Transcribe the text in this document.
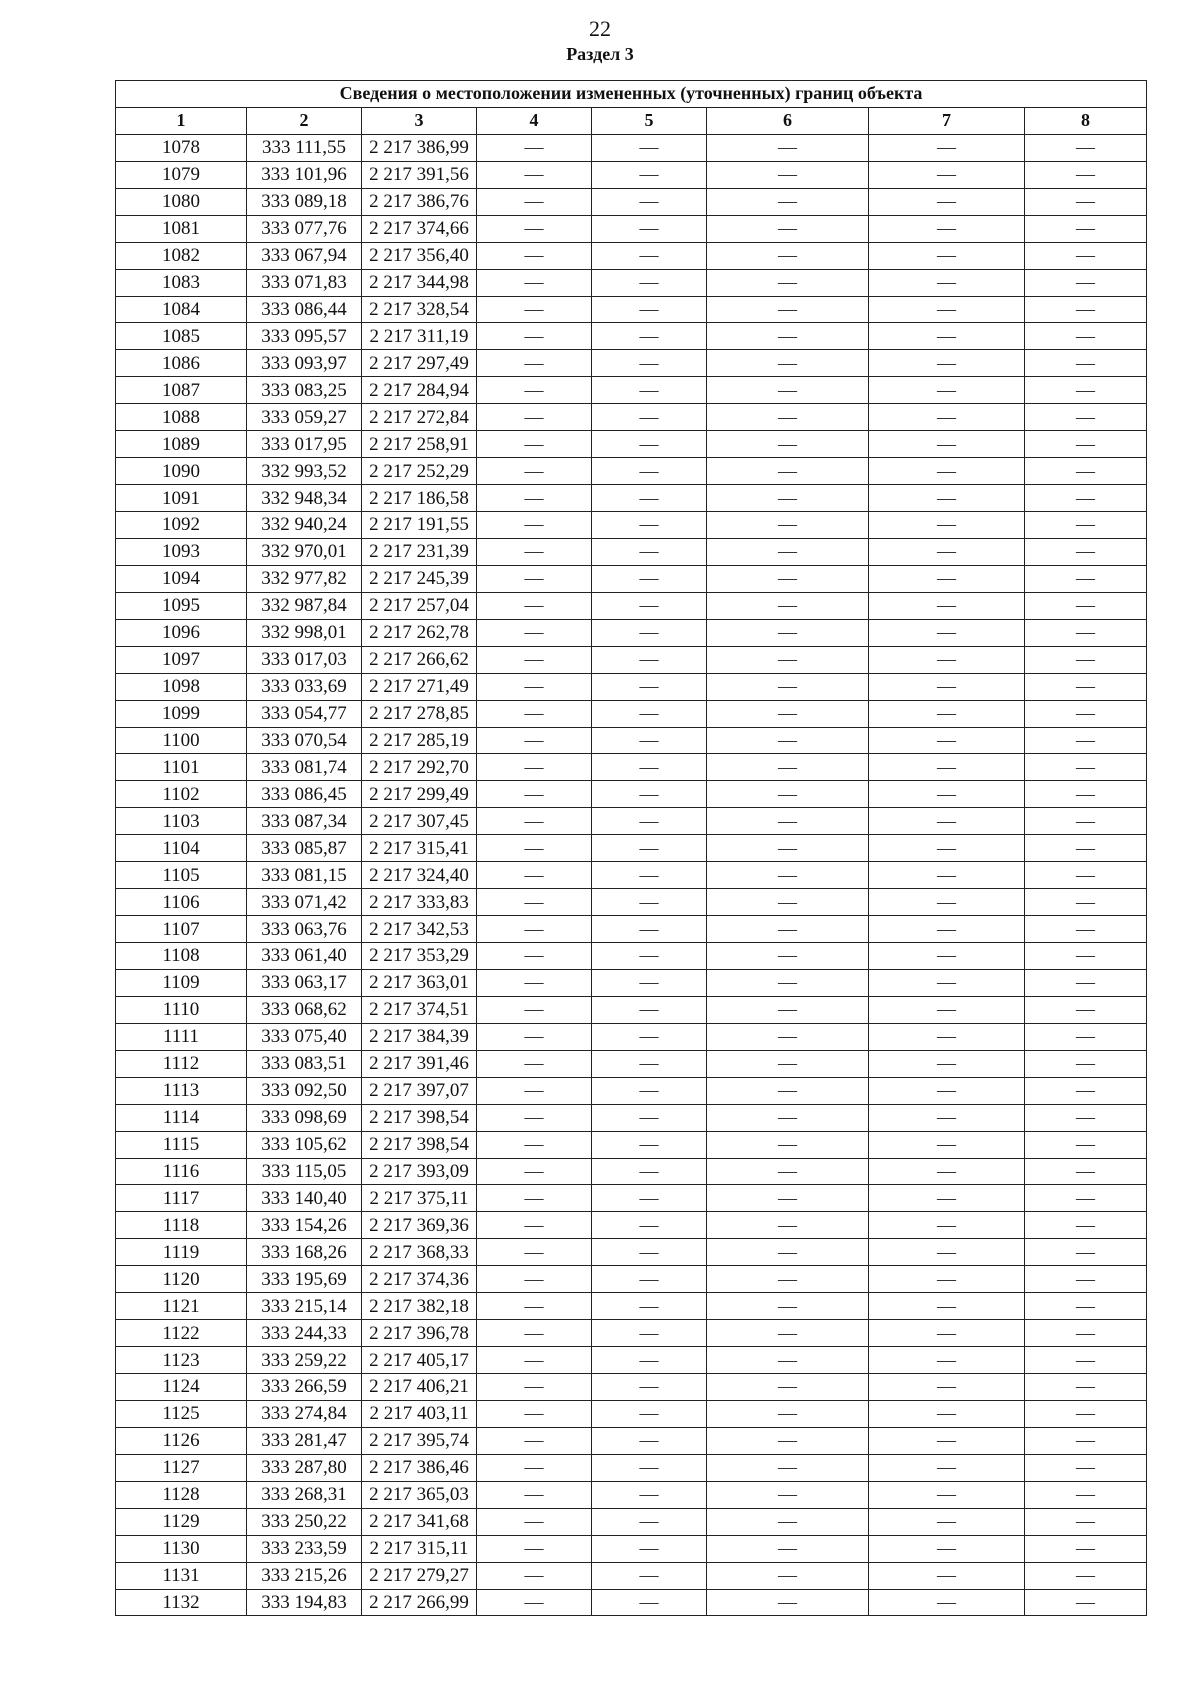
22
Раздел 3
Сведения о местоположении измененных (уточненных) границ объекта							
1	2	3	4	5	6	7	8
1078	333 111,55	2 217 386,99	—	—	—	—	—
1079	333 101,96	2 217 391,56	—	—	—	—	—
1080	333 089,18	2 217 386,76	—	—	—	—	—
1081	333 077,76	2 217 374,66	—	—	—	—	—
1082	333 067,94	2 217 356,40	—	—	—	—	—
1083	333 071,83	2 217 344,98	—	—	—	—	—
1084	333 086,44	2 217 328,54	—	—	—	—	—
1085	333 095,57	2 217 311,19	—	—	—	—	—
1086	333 093,97	2 217 297,49	—	—	—	—	—
1087	333 083,25	2 217 284,94	—	—	—	—	—
1088	333 059,27	2 217 272,84	—	—	—	—	—
1089	333 017,95	2 217 258,91	—	—	—	—	—
1090	332 993,52	2 217 252,29	—	—	—	—	—
1091	332 948,34	2 217 186,58	—	—	—	—	—
1092	332 940,24	2 217 191,55	—	—	—	—	—
1093	332 970,01	2 217 231,39	—	—	—	—	—
1094	332 977,82	2 217 245,39	—	—	—	—	—
1095	332 987,84	2 217 257,04	—	—	—	—	—
1096	332 998,01	2 217 262,78	—	—	—	—	—
1097	333 017,03	2 217 266,62	—	—	—	—	—
1098	333 033,69	2 217 271,49	—	—	—	—	—
1099	333 054,77	2 217 278,85	—	—	—	—	—
1100	333 070,54	2 217 285,19	—	—	—	—	—
1101	333 081,74	2 217 292,70	—	—	—	—	—
1102	333 086,45	2 217 299,49	—	—	—	—	—
1103	333 087,34	2 217 307,45	—	—	—	—	—
1104	333 085,87	2 217 315,41	—	—	—	—	—
1105	333 081,15	2 217 324,40	—	—	—	—	—
1106	333 071,42	2 217 333,83	—	—	—	—	—
1107	333 063,76	2 217 342,53	—	—	—	—	—
1108	333 061,40	2 217 353,29	—	—	—	—	—
1109	333 063,17	2 217 363,01	—	—	—	—	—
1110	333 068,62	2 217 374,51	—	—	—	—	—
1111	333 075,40	2 217 384,39	—	—	—	—	—
1112	333 083,51	2 217 391,46	—	—	—	—	—
1113	333 092,50	2 217 397,07	—	—	—	—	—
1114	333 098,69	2 217 398,54	—	—	—	—	—
1115	333 105,62	2 217 398,54	—	—	—	—	—
1116	333 115,05	2 217 393,09	—	—	—	—	—
1117	333 140,40	2 217 375,11	—	—	—	—	—
1118	333 154,26	2 217 369,36	—	—	—	—	—
1119	333 168,26	2 217 368,33	—	—	—	—	—
1120	333 195,69	2 217 374,36	—	—	—	—	—
1121	333 215,14	2 217 382,18	—	—	—	—	—
1122	333 244,33	2 217 396,78	—	—	—	—	—
1123	333 259,22	2 217 405,17	—	—	—	—	—
1124	333 266,59	2 217 406,21	—	—	—	—	—
1125	333 274,84	2 217 403,11	—	—	—	—	—
1126	333 281,47	2 217 395,74	—	—	—	—	—
1127	333 287,80	2 217 386,46	—	—	—	—	—
1128	333 268,31	2 217 365,03	—	—	—	—	—
1129	333 250,22	2 217 341,68	—	—	—	—	—
1130	333 233,59	2 217 315,11	—	—	—	—	—
1131	333 215,26	2 217 279,27	—	—	—	—	—
1132	333 194,83	2 217 266,99	—	—	—	—	—
